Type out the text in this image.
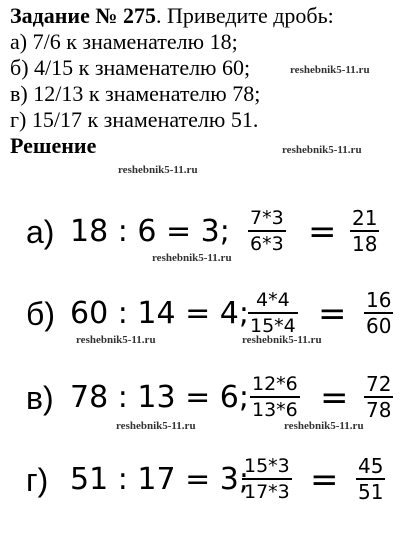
Задание № 275. Приведите дробь:
а) 7/6 к знаменателю 18;
б) 4/15 к знаменателю 60;
в) 12/13 к знаменателю 78;
г) 15/17 к знаменателю 51.
Решение
reshebnik5-11.ru
reshebnik5-11.ru
reshebnik5-11.ru
reshebnik5-11.ru
reshebnik5-11.ru	reshebnik5-11.ru
reshebnik5-11.ru	reshebnik5-11.ru
а) 18 : 6 = 3; 7*3
6*3 = 21
18
б) 60 : 14 = 4; 4*4
15*4 = 16
60
в) 78 : 13 = 6; 12*6
13*6 = 72
78
г) 51 : 17 = 3;
15*3
17*3 = 45
51
